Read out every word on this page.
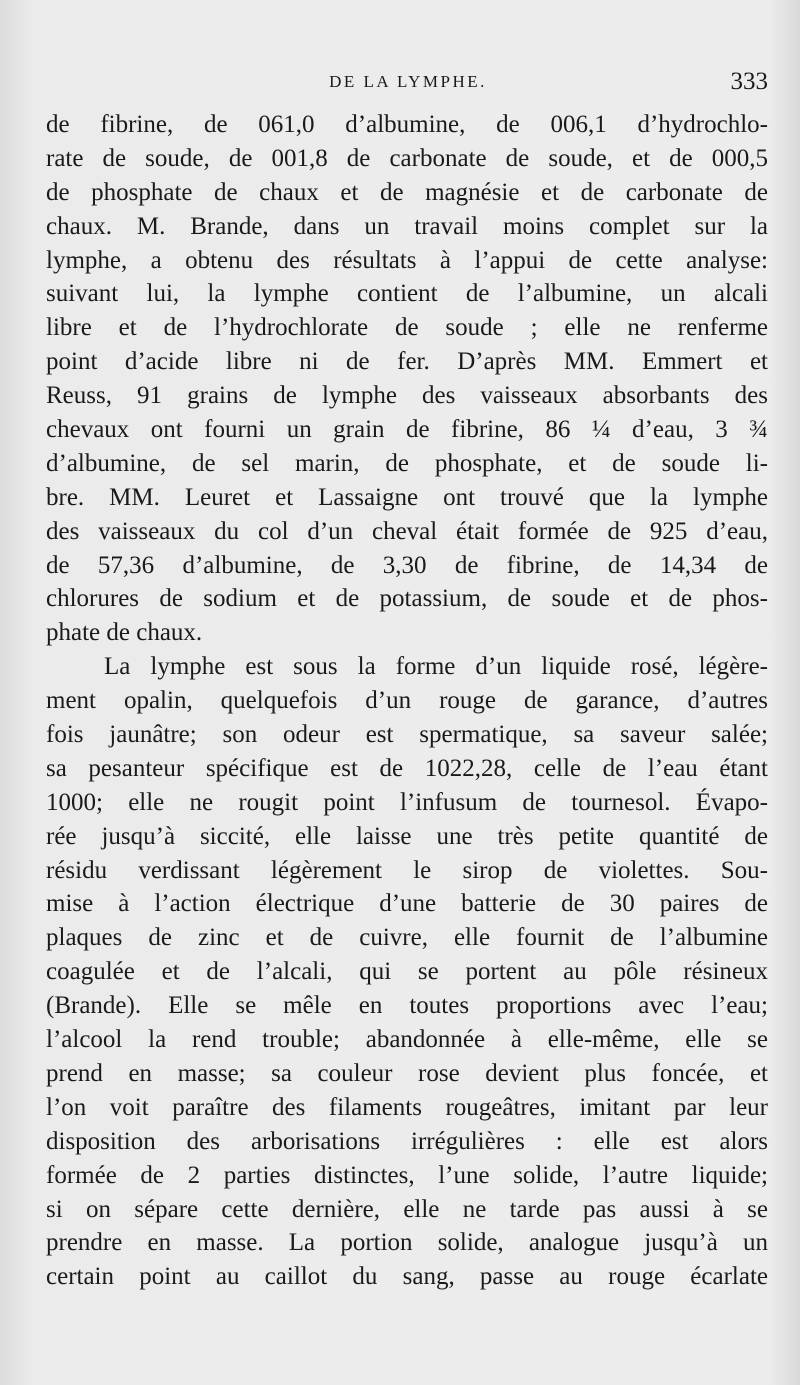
DE LA LYMPHE.	333
de fibrine, de 061,0 d’albumine, de 006,1 d’hydrochlo-
rate de soude, de 001,8 de carbonate de soude, et de 000,5
de phosphate de chaux et de magnésie et de carbonate de
chaux. M. Brande, dans un travail moins complet sur la
lymphe, a obtenu des résultats à l’appui de cette analyse:
suivant lui, la lymphe contient de l’albumine, un alcali
libre et de l’hydrochlorate de soude ; elle ne renferme
point d’acide libre ni de fer. D’après MM. Emmert et
Reuss, 91 grains de lymphe des vaisseaux absorbants des
chevaux ont fourni un grain de fibrine, 86 ¼ d’eau, 3 ¾
d’albumine, de sel marin, de phosphate, et de soude li-
bre. MM. Leuret et Lassaigne ont trouvé que la lymphe
des vaisseaux du col d’un cheval était formée de 925 d’eau,
de 57,36 d’albumine, de 3,30 de fibrine, de 14,34 de
chlorures de sodium et de potassium, de soude et de phos-
phate de chaux.
La lymphe est sous la forme d’un liquide rosé, légère-
ment opalin, quelquefois d’un rouge de garance, d’autres
fois jaunâtre; son odeur est spermatique, sa saveur salée;
sa pesanteur spécifique est de 1022,28, celle de l’eau étant
1000; elle ne rougit point l’infusum de tournesol. Évapo-
rée jusqu’à siccité, elle laisse une très petite quantité de
résidu verdissant légèrement le sirop de violettes. Sou-
mise à l’action électrique d’une batterie de 30 paires de
plaques de zinc et de cuivre, elle fournit de l’albumine
coagulée et de l’alcali, qui se portent au pôle résineux
(Brande). Elle se mêle en toutes proportions avec l’eau;
l’alcool la rend trouble; abandonnée à elle-même, elle se
prend en masse; sa couleur rose devient plus foncée, et
l’on voit paraître des filaments rougeâtres, imitant par leur
disposition des arborisations irrégulières : elle est alors
formée de 2 parties distinctes, l’une solide, l’autre liquide;
si on sépare cette dernière, elle ne tarde pas aussi à se
prendre en masse. La portion solide, analogue jusqu’à un
certain point au caillot du sang, passe au rouge écarlate
